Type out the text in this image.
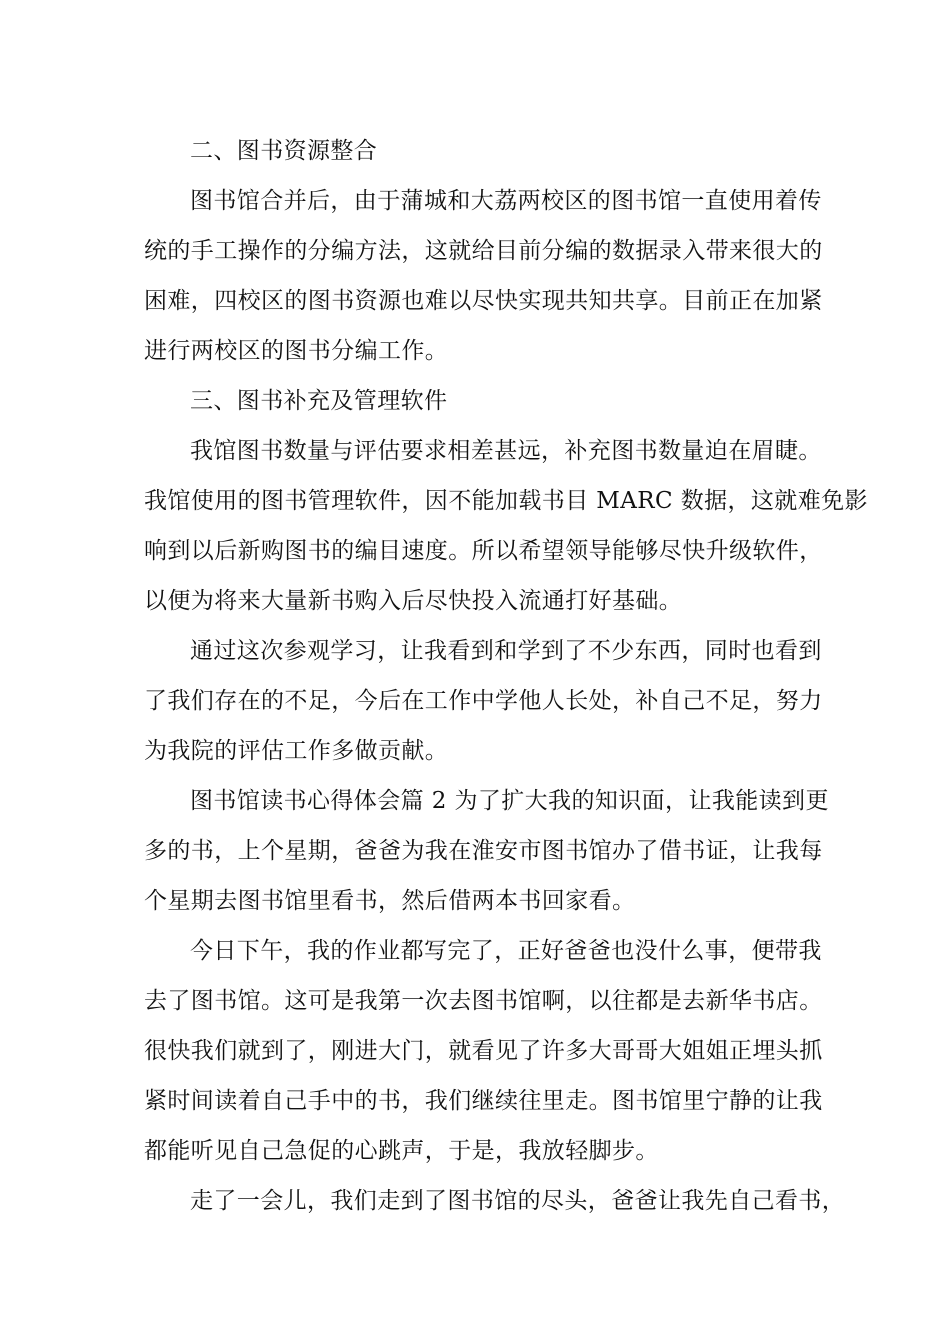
二、图书资源整合
图书馆合并后，由于蒲城和大荔两校区的图书馆一直使用着传
统的手工操作的分编方法，这就给目前分编的数据录入带来很大的
困难，四校区的图书资源也难以尽快实现共知共享。目前正在加紧
进行两校区的图书分编工作。
三、图书补充及管理软件
我馆图书数量与评估要求相差甚远，补充图书数量迫在眉睫。
我馆使用的图书管理软件，因不能加载书目 MARC 数据，这就难免影
响到以后新购图书的编目速度。所以希望领导能够尽快升级软件，
以便为将来大量新书购入后尽快投入流通打好基础。
通过这次参观学习，让我看到和学到了不少东西，同时也看到
了我们存在的不足，今后在工作中学他人长处，补自己不足，努力
为我院的评估工作多做贡献。
图书馆读书心得体会篇 2 为了扩大我的知识面，让我能读到更
多的书，上个星期，爸爸为我在淮安市图书馆办了借书证，让我每
个星期去图书馆里看书，然后借两本书回家看。
今日下午，我的作业都写完了，正好爸爸也没什么事，便带我
去了图书馆。这可是我第一次去图书馆啊，以往都是去新华书店。
很快我们就到了，刚进大门，就看见了许多大哥哥大姐姐正埋头抓
紧时间读着自己手中的书，我们继续往里走。图书馆里宁静的让我
都能听见自己急促的心跳声，于是，我放轻脚步。
走了一会儿，我们走到了图书馆的尽头，爸爸让我先自己看书，
